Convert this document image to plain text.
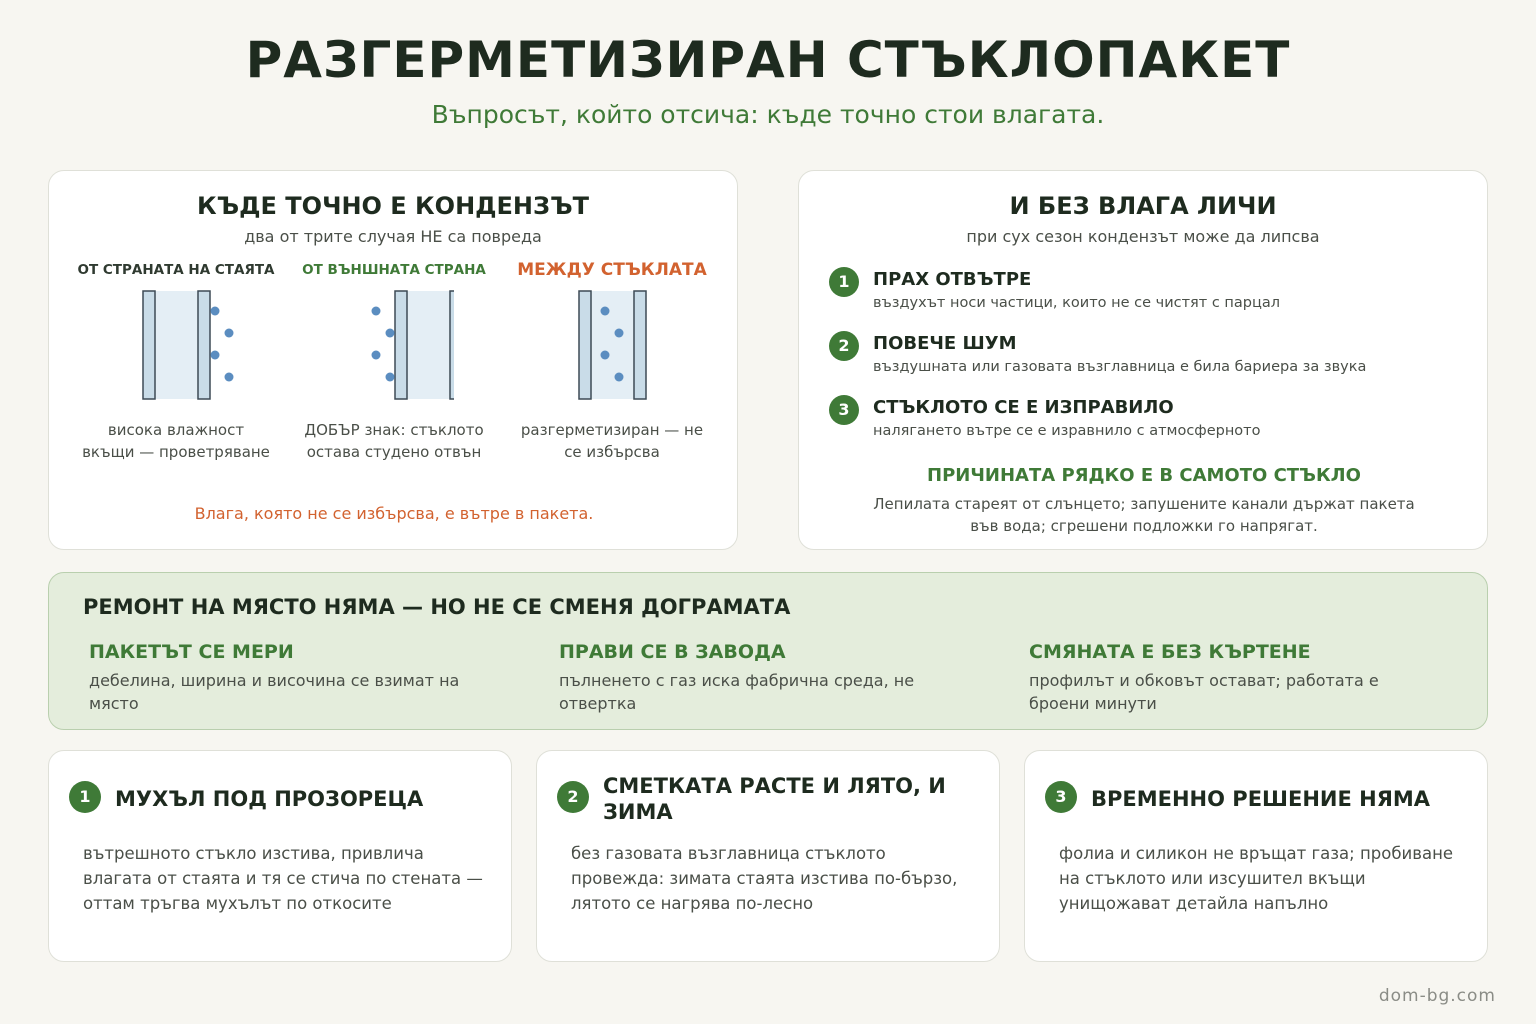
РАЗГЕРМЕТИЗИРАН СТЪКЛОПАКЕТ
Въпросът, който отсича: къде точно стои влагата.
КЪДЕ ТОЧНО Е КОНДЕНЗЪТ
два от трите случая НЕ са повреда
ОТ СТРАНАТА НА СТАЯТА
висока влажност
вкъщи — проветряване
ОТ ВЪНШНАТА СТРАНА
ДОБЪР знак: стъклото
остава студено отвън
МЕЖДУ СТЪКЛАТА
разгерметизиран — не
се избърсва
Влага, която не се избърсва, е вътре в пакета.
И БЕЗ ВЛАГА ЛИЧИ
при сух сезон кондензът може да липсва
1	ПРАХ ОТВЪТРЕ
въздухът носи частици, които не се чистят с парцал
2	ПОВЕЧЕ ШУМ
въздушната или газовата възглавница е била бариера за звука
3	СТЪКЛОТО СЕ Е ИЗПРАВИЛО
налягането вътре се е изравнило с атмосферното
ПРИЧИНАТА РЯДКО Е В САМОТО СТЪКЛО
Лепилата стареят от слънцето; запушените канали държат пакета във вода; сгрешени подложки го напрягат.
РЕМОНТ НА МЯСТО НЯМА — НО НЕ СЕ СМЕНЯ ДОГРАМАТА
ПАКЕТЪТ СЕ МЕРИ
дебелина, ширина и височина се взимат на място
ПРАВИ СЕ В ЗАВОДА
пълненето с газ иска фабрична среда, не отвертка
СМЯНАТА Е БЕЗ КЪРТЕНЕ
профилът и обковът остават; работата е броени минути
1	МУХЪЛ ПОД ПРОЗОРЕЦА
вътрешното стъкло изстива, привлича влагата от стаята и тя се стича по стената — оттам тръгва мухълът по откосите
2	СМЕТКАТА РАСТЕ И ЛЯТО, И ЗИМА
без газовата възглавница стъклото провежда: зимата стаята изстива по-бързо, лятото се нагрява по-лесно
3	ВРЕМЕННО РЕШЕНИЕ НЯМА
фолиа и силикон не връщат газа; пробиване на стъклото или изсушител вкъщи унищожават детайла напълно
dom-bg.com
